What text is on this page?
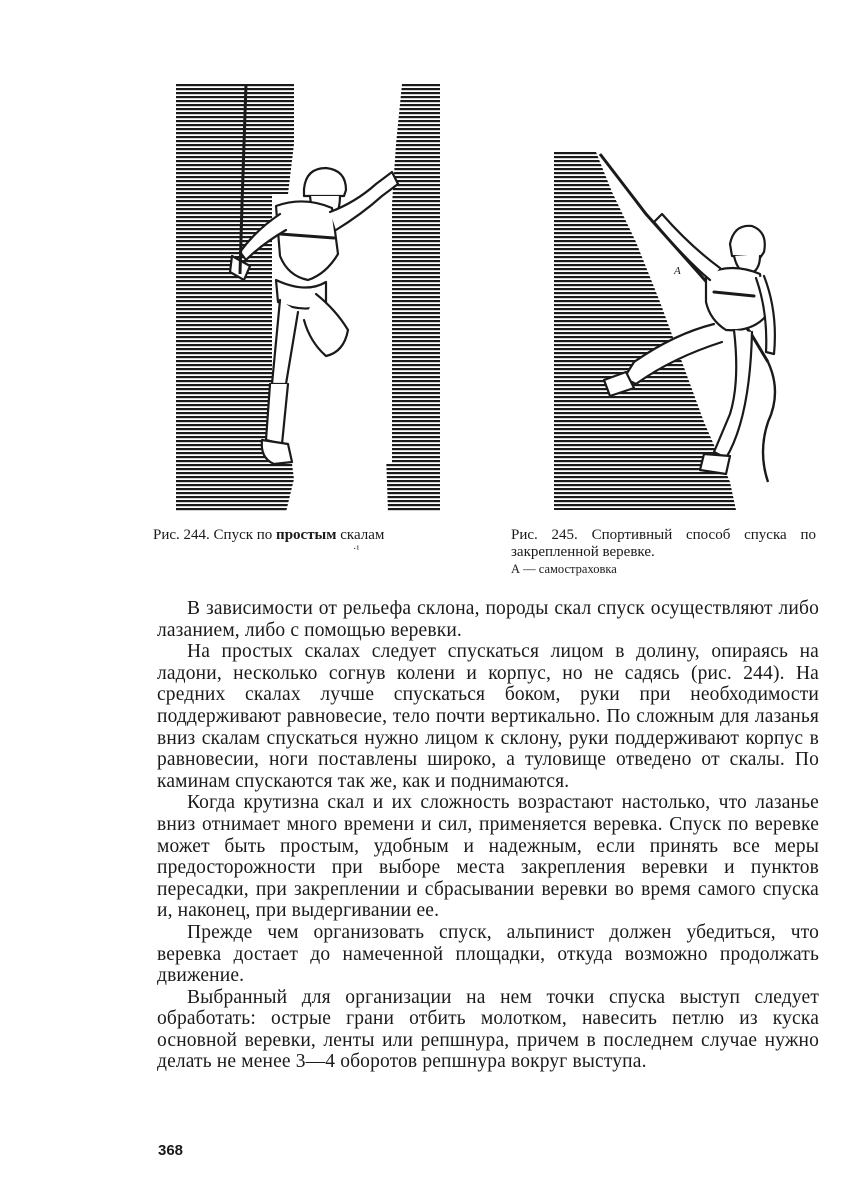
А
Рис. 244. Спуск по простым скалам
·¹
Рис. 245. Спортивный способ спуска по закрепленной веревке.
А — самостраховка

В зависимости от рельефа склона, породы скал спуск осуществляют либо лазанием, либо с помощью веревки.

На простых скалах следует спускаться лицом в долину, опираясь на ладони, несколько согнув колени и корпус, но не садясь (рис. 244). На средних скалах лучше спускаться боком, руки при необходимости поддерживают равновесие, тело почти вертикально. По сложным для лазанья вниз скалам спускаться нужно лицом к склону, руки поддерживают корпус в равновесии, ноги поставлены широко, а туловище отведено от скалы. По каминам спускаются так же, как и поднимаются.

Когда крутизна скал и их сложность возрастают настолько, что лазанье вниз отнимает много времени и сил, применяется веревка. Спуск по веревке может быть простым, удобным и надежным, если принять все меры предосторожности при выборе места закрепления веревки и пунктов пересадки, при закреплении и сбрасывании веревки во время самого спуска и, наконец, при выдергивании ее.

Прежде чем организовать спуск, альпинист должен убедиться, что веревка достает до намеченной площадки, откуда возможно продолжать движение.

Выбранный для организации на нем точки спуска выступ следует обработать: острые грани отбить молотком, навесить петлю из куска основной веревки, ленты или репшнура, причем в последнем случае нужно делать не менее 3—4 оборотов репшнура вокруг выступа.

368
